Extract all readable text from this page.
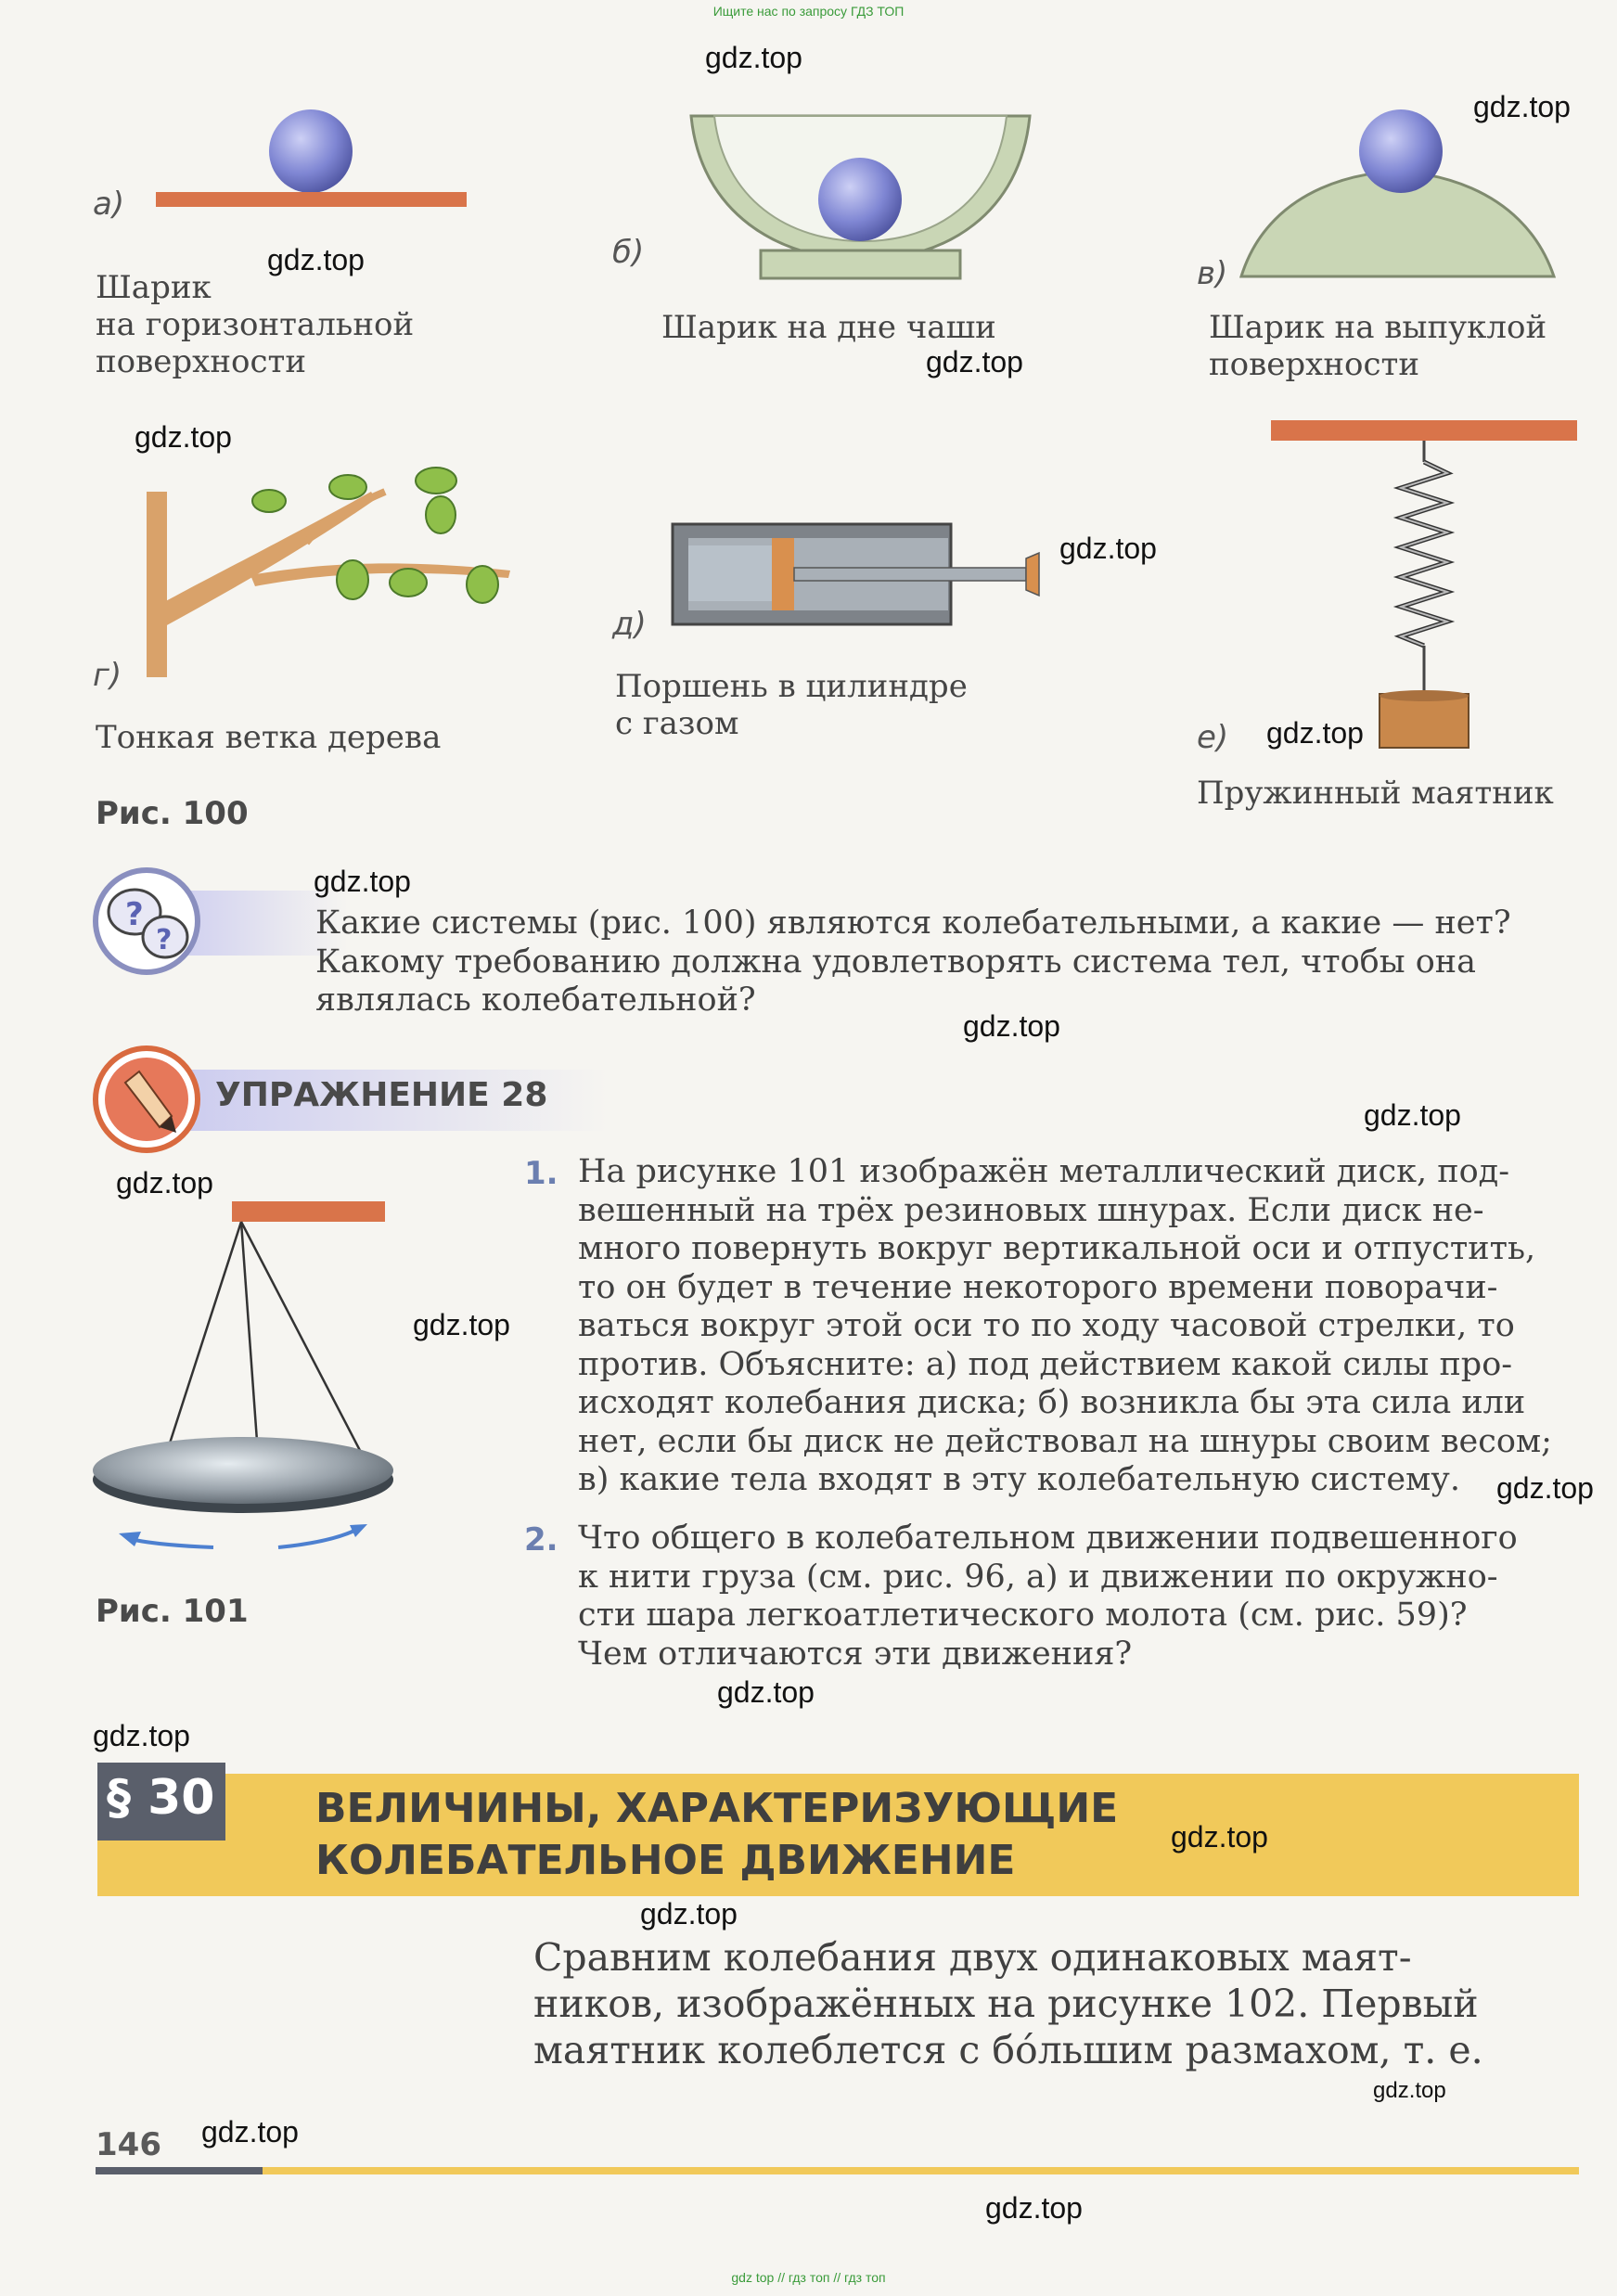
Ищите нас по запросу ГДЗ ТОП
а)
Шарик
на горизонтальной
поверхности
б)
Шарик на дне чаши
в)
Шарик на выпуклой
поверхности
г)
Тонкая ветка дерева
д)
Поршень в цилиндре
с газом	е)
Пружинный маятник
Рис. 100
?
?	Какие системы (рис. 100) являются колебательными, а какие — нет?
Какому требованию должна удовлетворять система тел, чтобы она
являлась колебательной?
УПРАЖНЕНИЕ 28
Рис. 101
1. На рисунке 101 изображён металлический диск, под-
вешенный на трёх резиновых шнурах. Если диск не-
много повернуть вокруг вертикальной оси и отпустить,
то он будет в течение некоторого времени поворачи-
ваться вокруг этой оси то по ходу часовой стрелки, то
против. Объясните: а) под действием какой силы про-
исходят колебания диска; б) возникла бы эта сила или
нет, если бы диск не действовал на шнуры своим весом;
в) какие тела входят в эту колебательную систему.
2. Что общего в колебательном движении подвешенного
к нити груза (см. рис. 96, а) и движении по окружно-
сти шара легкоатлетического молота (см. рис. 59)?
Чем отличаются эти движения?
§ 30 ВЕЛИЧИНЫ, ХАРАКТЕРИЗУЮЩИЕ
КОЛЕБАТЕЛЬНОЕ ДВИЖЕНИЕ
Сравним колебания двух одинаковых маят-
ников, изображённых на рисунке 102. Первый
маятник колеблется с бо́льшим размахом, т. е.
146
gdz top // гдз топ // гдз топ
gdz.top
gdz.top
gdz.top
gdz.top
gdz.top
gdz.top
gdz.top
gdz.top
gdz.top
gdz.top
gdz.top
gdz.top
gdz.top
gdz.top
gdz.top
gdz.top
gdz.top
gdz.top
gdz.top
gdz.top
